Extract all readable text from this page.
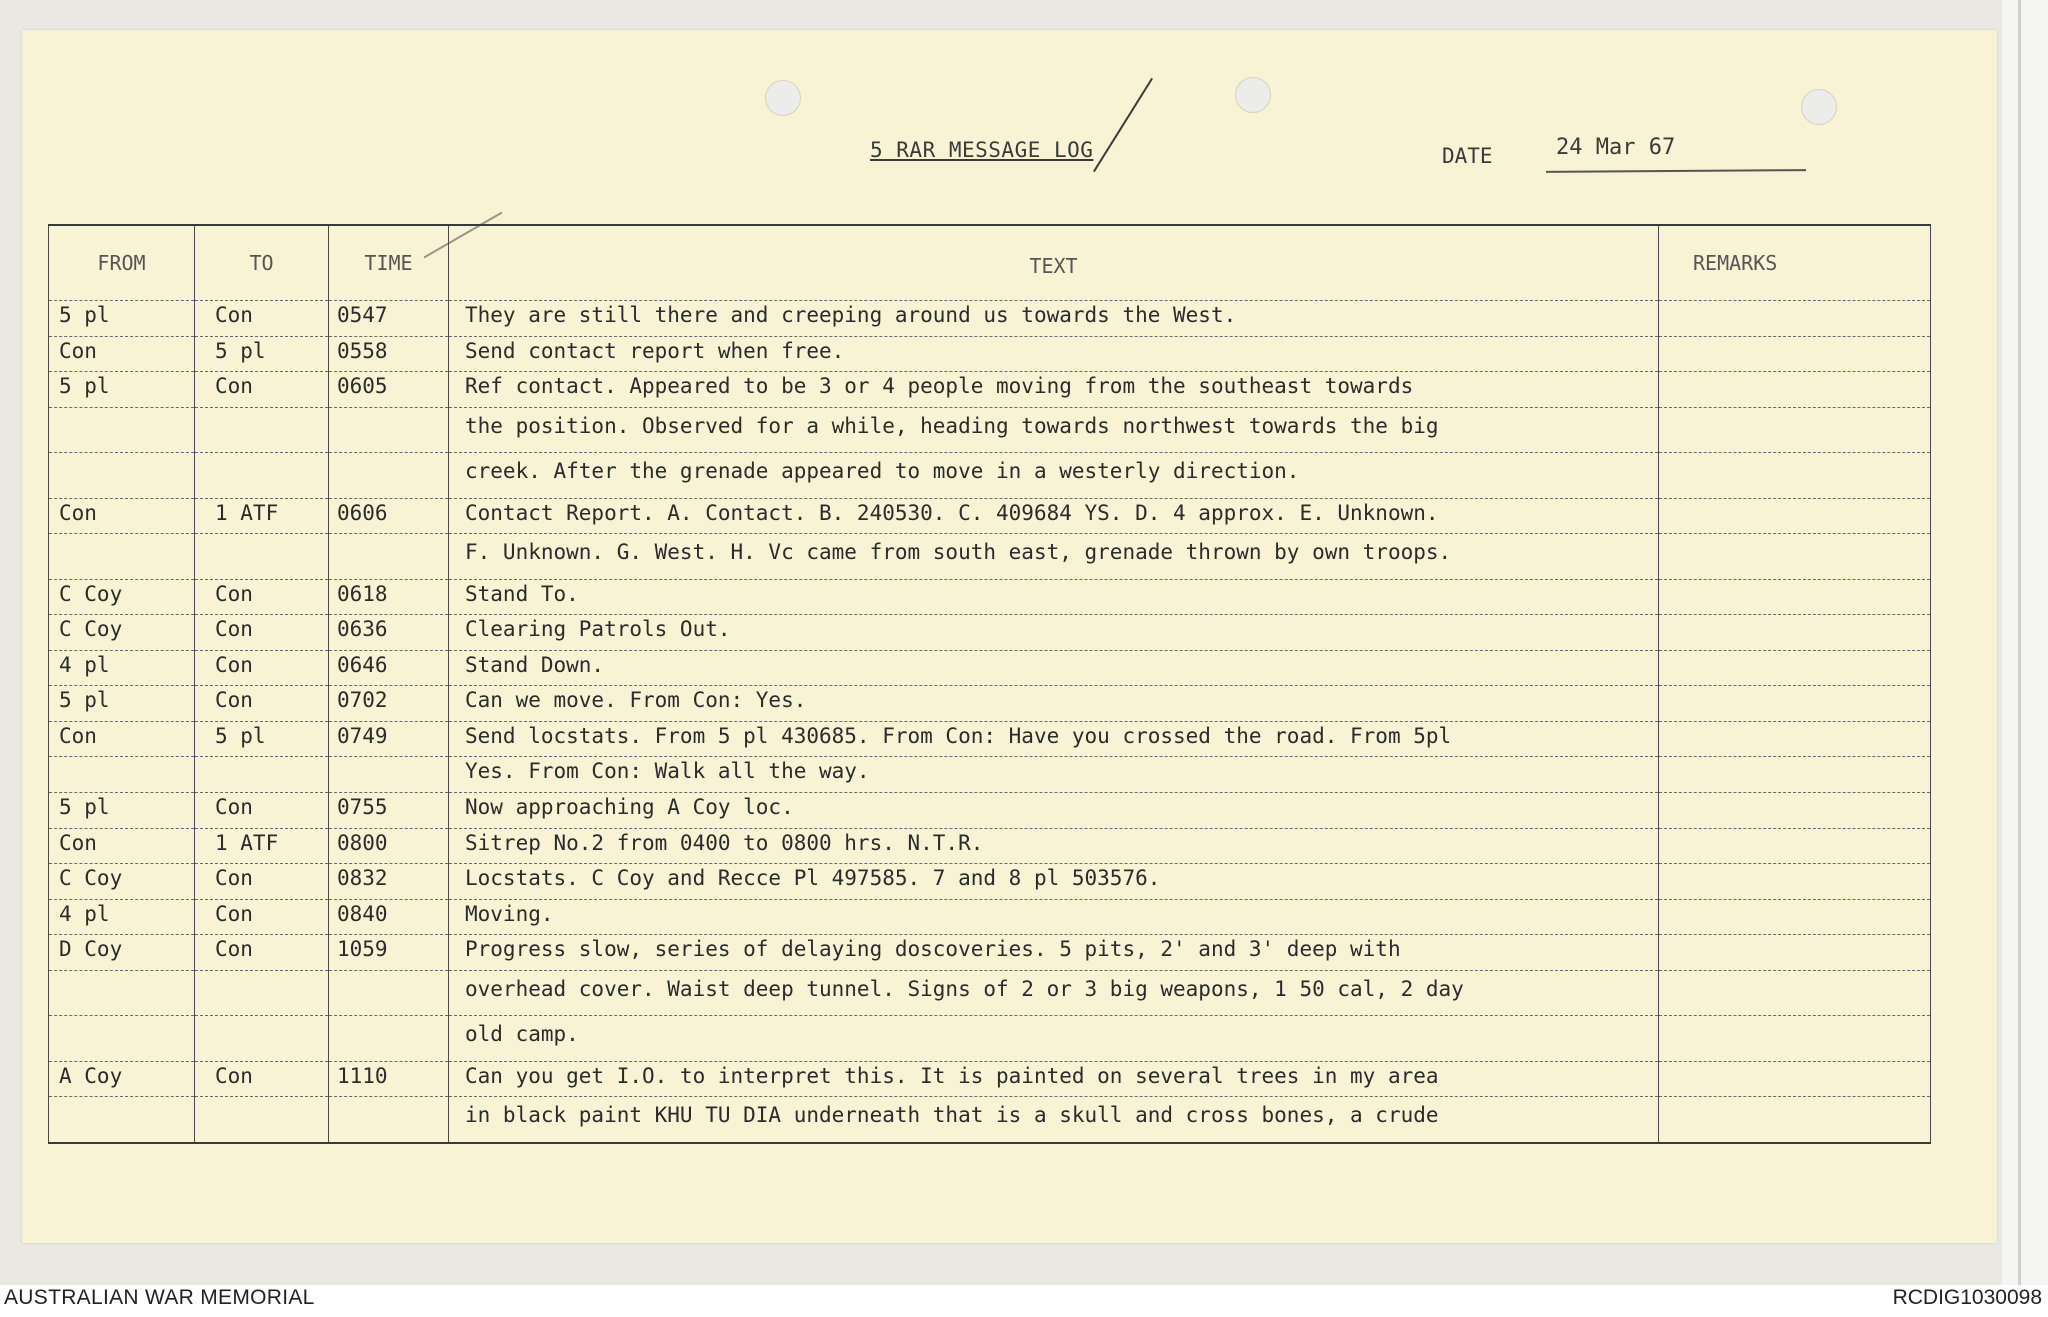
5 RAR MESSAGE LOG	DATE	24 Mar 67
FROM	TO	TIME	TEXT	REMARKS
5 pl	Con	0547	They are still there and creeping around us towards the West.	
Con	5 pl	0558	Send contact report when free.	
5 pl	Con	0605	Ref contact. Appeared to be 3 or 4 people moving from the southeast towards	
			the position. Observed for a while, heading towards northwest towards the big	
			creek. After the grenade appeared to move in a westerly direction.	
Con	1 ATF	0606	Contact Report. A. Contact. B. 240530. C. 409684 YS. D. 4 approx. E. Unknown.	
			F. Unknown. G. West. H. Vc came from south east, grenade thrown by own troops.	
C Coy	Con	0618	Stand To.	
C Coy	Con	0636	Clearing Patrols Out.	
4 pl	Con	0646	Stand Down.	
5 pl	Con	0702	Can we move. From Con: Yes.	
Con	5 pl	0749	Send locstats. From 5 pl 430685. From Con: Have you crossed the road. From 5pl	
			Yes. From Con: Walk all the way.	
5 pl	Con	0755	Now approaching A Coy loc.	
Con	1 ATF	0800	Sitrep No.2 from 0400 to 0800 hrs. N.T.R.	
C Coy	Con	0832	Locstats. C Coy and Recce Pl 497585. 7 and 8 pl 503576.	
4 pl	Con	0840	Moving.	
D Coy	Con	1059	Progress slow, series of delaying doscoveries. 5 pits, 2' and 3' deep with	
			overhead cover. Waist deep tunnel. Signs of 2 or 3 big weapons, 1 50 cal, 2 day	
			old camp.	
A Coy	Con	1110	Can you get I.O. to interpret this. It is painted on several trees in my area	
			in black paint KHU TU DIA underneath that is a skull and cross bones, a crude	
AUSTRALIAN WAR MEMORIAL	RCDIG1030098
